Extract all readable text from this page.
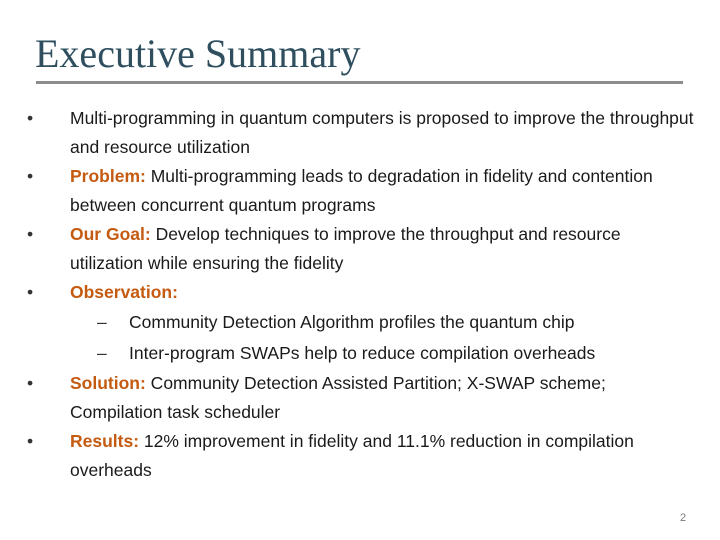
Executive Summary

•	Multi-programming in quantum computers is proposed to improve the throughput and resource utilization

•	Problem: Multi-programming leads to degradation in fidelity and contention between concurrent quantum programs

•	Our Goal: Develop techniques to improve the throughput and resource utilization while ensuring the fidelity

•	Observation:

– Community Detection Algorithm profiles the quantum chip

– Inter-program SWAPs help to reduce compilation overheads

•	Solution: Community Detection Assisted Partition; X-SWAP scheme; Compilation task scheduler

•	Results: 12% improvement in fidelity and 11.1% reduction in compilation overheads

2
